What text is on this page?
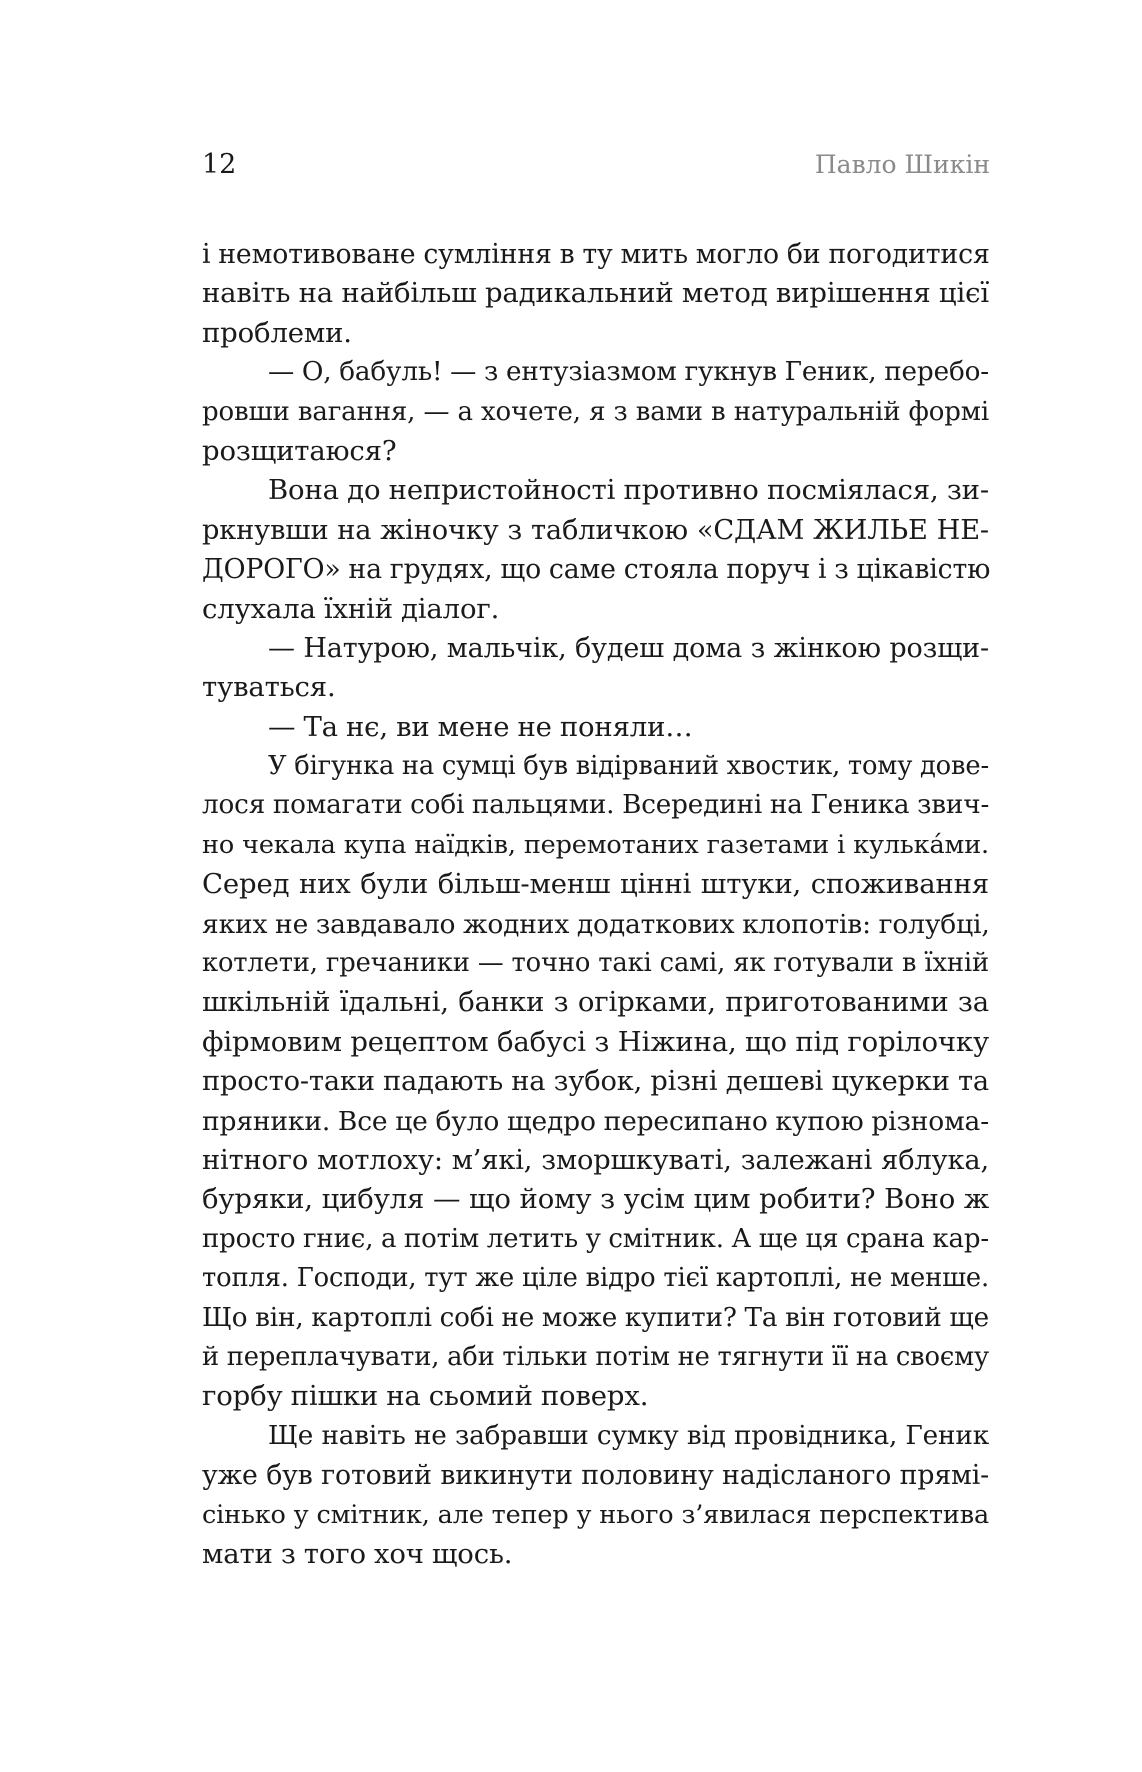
12	Павло Шикін
і немотивоване сумління в ту мить могло би погодитися
навіть на найбільш радикальний метод вирішення цієї
проблеми.
— О, бабуль! — з ентузіазмом гукнув Геник, перебо-
ровши вагання, — а хочете, я з вами в натуральній формі
розщитаюся?
Вона до непристойності противно посміялася, зи-
ркнувши на жіночку з табличкою «СДАМ ЖИЛЬЕ НЕ-
ДОРОГО» на грудях, що саме стояла поруч і з цікавістю
слухала їхній діалог.
— Натурою, мальчік, будеш дома з жінкою розщи-
туваться.
— Та нє, ви мене не поняли…
У бігунка на сумці був відірваний хвостик, тому довe-
лося помагати собі пальцями. Всередині на Геника звич-
но чекала купа наїдків, перемотаних газетами і кулькáми.
Серед них були більш-менш цінні штуки, споживання
яких не завдавало жодних додаткових клопотів: голубці,
котлети, гречаники — точно такі самі, як готували в їхній
шкільній їдальні, банки з огірками, приготованими за
фірмовим рецептом бабусі з Ніжина, що під горілочку
просто-таки падають на зубок, різні дешеві цукерки та
пряники. Все це було щедро пересипано купою різнома-
нітного мотлоху: м’які, зморшкуваті, залежані яблука,
буряки, цибуля — що йому з усім цим робити? Воно ж
просто гниє, а потім летить у смітник. А ще ця срана кар-
топля. Господи, тут же ціле відро тієї картоплі, не менше.
Що він, картоплі собі не може купити? Та він готовий ще
й переплачувати, аби тільки потім не тягнути її на своєму
горбу пішки на сьомий поверх.
Ще навіть не забравши сумку від провідника, Геник
уже був готовий викинути половину надісланого прямі-
сінько у смітник, але тепер у нього з’явилася перспектива
мати з того хоч щось.
